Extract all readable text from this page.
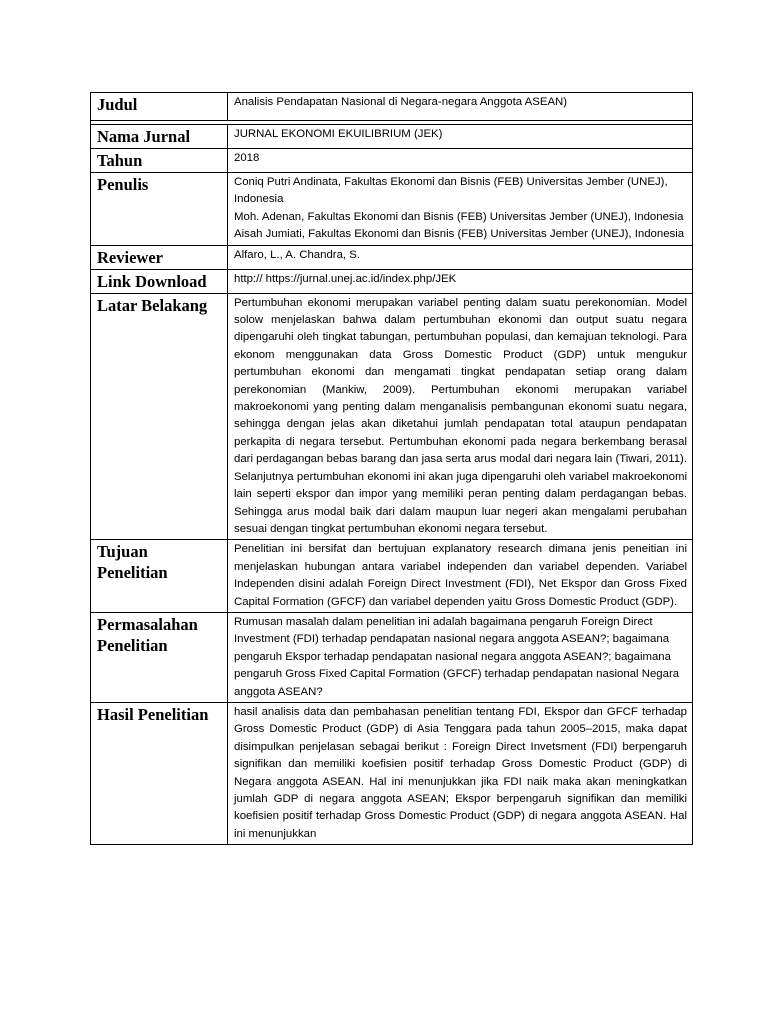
Judul	Analisis Pendapatan Nasional di Negara-negara Anggota ASEAN)

Nama Jurnal	JURNAL EKONOMI EKUILIBRIUM (JEK)
Tahun	2018
Penulis	Coniq Putri Andinata, Fakultas Ekonomi dan Bisnis (FEB) Universitas Jember (UNEJ), Indonesia
Moh. Adenan, Fakultas Ekonomi dan Bisnis (FEB) Universitas Jember (UNEJ), Indonesia
Aisah Jumiati, Fakultas Ekonomi dan Bisnis (FEB) Universitas Jember (UNEJ), Indonesia

Reviewer	Alfaro, L., A. Chandra, S.
Link Download	http:// https://jurnal.unej.ac.id/index.php/JEK
Latar Belakang	Pertumbuhan ekonomi merupakan variabel penting dalam suatu perekonomian. Model solow menjelaskan bahwa dalam pertumbuhan ekonomi dan output suatu negara dipengaruhi oleh tingkat tabungan, pertumbuhan populasi, dan kemajuan teknologi. Para ekonom menggunakan data Gross Domestic Product (GDP) untuk mengukur pertumbuhan ekonomi dan mengamati tingkat pendapatan setiap orang dalam perekonomian (Mankiw, 2009). Pertumbuhan ekonomi merupakan variabel makroekonomi yang penting dalam menganalisis pembangunan ekonomi suatu negara, sehingga dengan jelas akan diketahui jumlah pendapatan total ataupun pendapatan perkapita di negara tersebut. Pertumbuhan ekonomi pada negara berkembang berasal dari perdagangan bebas barang dan jasa serta arus modal dari negara lain (Tiwari, 2011). Selanjutnya pertumbuhan ekonomi ini akan juga dipengaruhi oleh variabel makroekonomi lain seperti ekspor dan impor yang memiliki peran penting dalam perdagangan bebas. Sehingga arus modal baik dari dalam maupun luar negeri akan mengalami perubahan sesuai dengan tingkat pertumbuhan ekonomi negara tersebut.
Tujuan Penelitian	Penelitian ini bersifat dan bertujuan explanatory research dimana jenis peneitian ini menjelaskan hubungan antara variabel independen dan variabel dependen. Variabel Independen disini adalah Foreign Direct Investment (FDI), Net Ekspor dan Gross Fixed Capital Formation (GFCF) dan variabel dependen yaitu Gross Domestic Product (GDP).
Permasalahan Penelitian	Rumusan masalah dalam penelitian ini adalah bagaimana pengaruh Foreign Direct Investment (FDI) terhadap pendapatan nasional negara anggota ASEAN?; bagaimana pengaruh Ekspor terhadap pendapatan nasional negara anggota ASEAN?; bagaimana pengaruh Gross Fixed Capital Formation (GFCF) terhadap pendapatan nasional Negara anggota ASEAN?
Hasil Penelitian	hasil analisis data dan pembahasan penelitian tentang FDI, Ekspor dan GFCF terhadap Gross Domestic Product (GDP) di Asia Tenggara pada tahun 2005–2015, maka dapat disimpulkan penjelasan sebagai berikut : Foreign Direct Invetsment (FDI) berpengaruh signifikan dan memiliki koefisien positif terhadap Gross Domestic Product (GDP) di Negara anggota ASEAN. Hal ini menunjukkan jika FDI naik maka akan meningkatkan jumlah GDP di negara anggota ASEAN; Ekspor berpengaruh signifikan dan memiliki koefisien positif terhadap Gross Domestic Product (GDP) di negara anggota ASEAN. Hal ini menunjukkan
